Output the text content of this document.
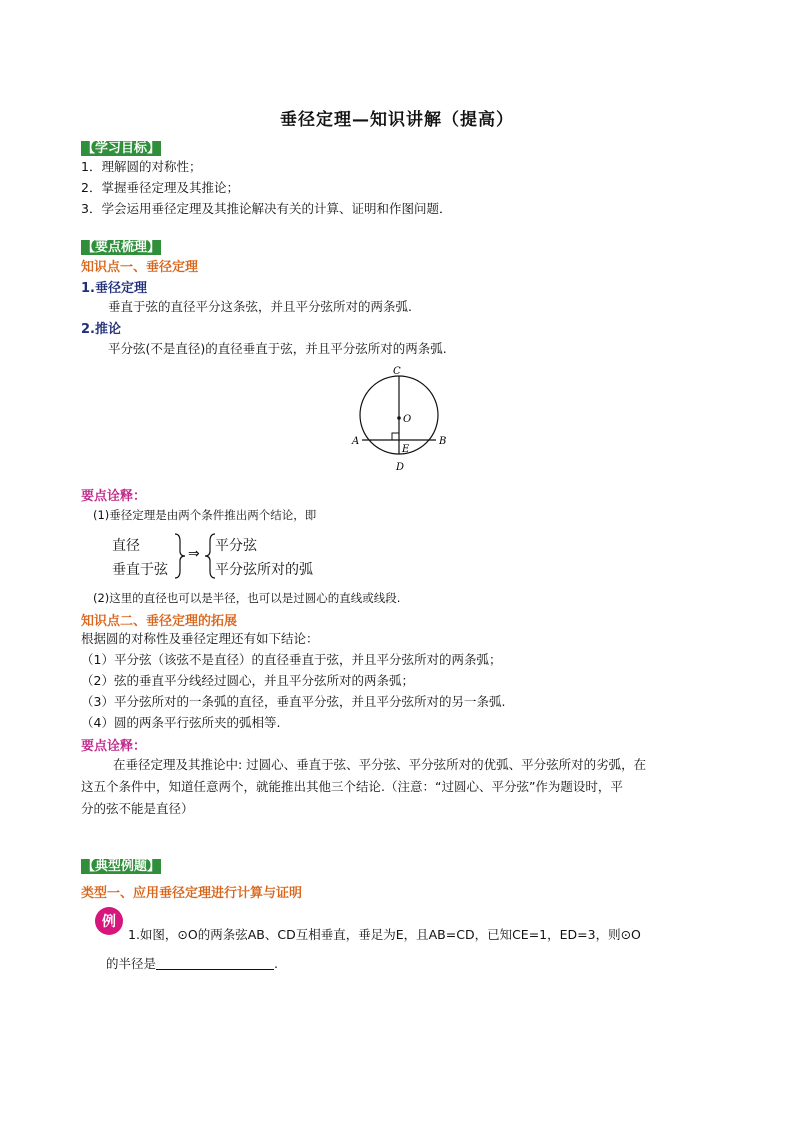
垂径定理—知识讲解（提高）
【学习目标】
1．理解圆的对称性；
2．掌握垂径定理及其推论；
3．学会运用垂径定理及其推论解决有关的计算、证明和作图问题．
【要点梳理】
知识点一、垂径定理
1.垂径定理
垂直于弦的直径平分这条弦，并且平分弦所对的两条弧.
2.推论
平分弦(不是直径)的直径垂直于弦，并且平分弦所对的两条弧.
C
O
A
E
B
D
要点诠释：
(1)垂径定理是由两个条件推出两个结论，即
直径
垂直于弦
⇒ 平分弦
平分弦所对的弧
(2)这里的直径也可以是半径，也可以是过圆心的直线或线段.
知识点二、垂径定理的拓展
根据圆的对称性及垂径定理还有如下结论：
（1）平分弦（该弦不是直径）的直径垂直于弦，并且平分弦所对的两条弧；
（2）弦的垂直平分线经过圆心，并且平分弦所对的两条弧；
（3）平分弦所对的一条弧的直径，垂直平分弦，并且平分弦所对的另一条弧.
（4）圆的两条平行弦所夹的弧相等.
要点诠释：
在垂径定理及其推论中: 过圆心、垂直于弦、平分弦、平分弦所对的优弧、平分弦所对的劣弧，在
这五个条件中，知道任意两个，就能推出其他三个结论.（注意：“过圆心、平分弦”作为题设时，平
分的弦不能是直径）
【典型例题】
类型一、应用垂径定理进行计算与证明
例
1.如图，⊙O的两条弦AB、CD互相垂直，垂足为E，且AB=CD，已知CE=1，ED=3，则⊙O
的半径是	.
